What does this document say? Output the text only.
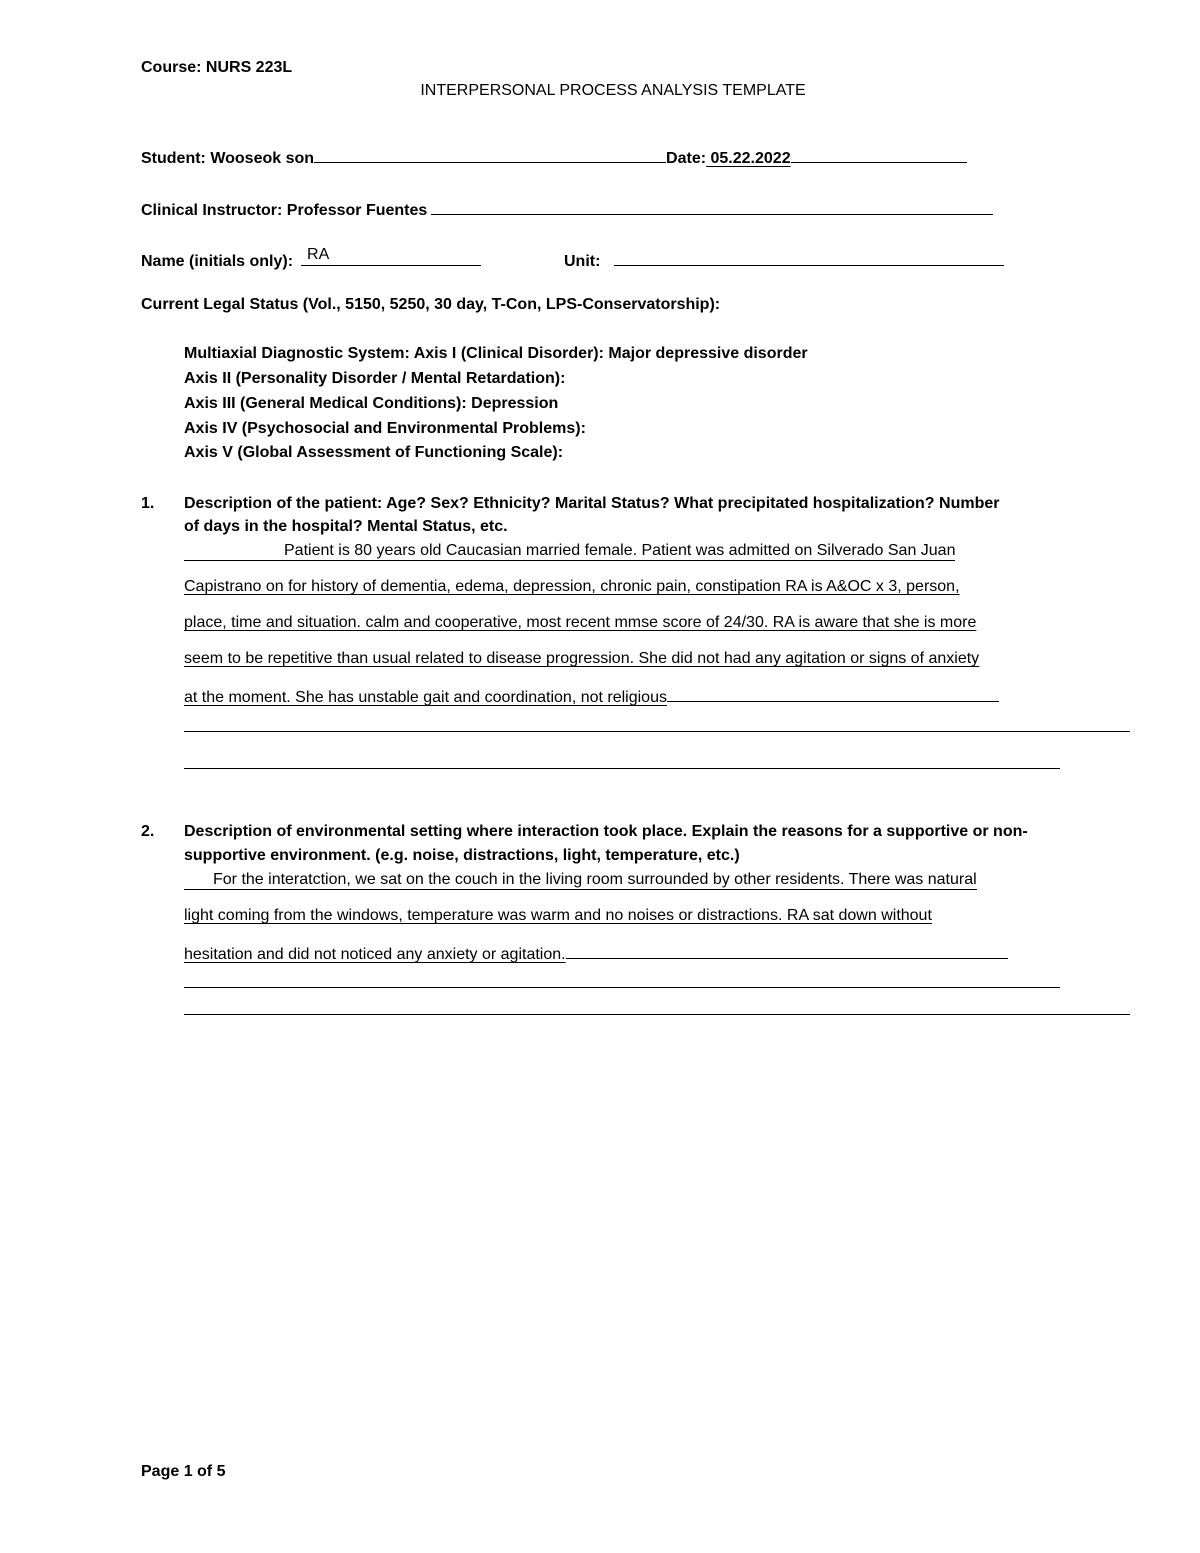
Course: NURS 223L
INTERPERSONAL PROCESS ANALYSIS TEMPLATE
Student: Wooseok son	Date: 05.22.2022
Clinical Instructor: Professor Fuentes
Name (initials only): RA	Unit:
Current Legal Status (Vol., 5150, 5250, 30 day, T-Con, LPS-Conservatorship):
Multiaxial Diagnostic System: Axis I (Clinical Disorder): Major depressive disorder
Axis II (Personality Disorder / Mental Retardation):
Axis III (General Medical Conditions): Depression
Axis IV (Psychosocial and Environmental Problems):
Axis V (Global Assessment of Functioning Scale):
1. Description of the patient: Age? Sex? Ethnicity? Marital Status? What precipitated hospitalization? Number
of days in the hospital? Mental Status, etc.
Patient is 80 years old Caucasian married female. Patient was admitted on Silverado San Juan
Capistrano on for history of dementia, edema, depression, chronic pain, constipation RA is A&OC x 3, person,
place, time and situation. calm and cooperative, most recent mmse score of 24/30. RA is aware that she is more
seem to be repetitive than usual related to disease progression. She did not had any agitation or signs of anxiety
at the moment. She has unstable gait and coordination, not religious
2. Description of environmental setting where interaction took place. Explain the reasons for a supportive or non-
supportive environment. (e.g. noise, distractions, light, temperature, etc.)
For the interatction, we sat on the couch in the living room surrounded by other residents. There was natural
light coming from the windows, temperature was warm and no noises or distractions. RA sat down without
hesitation and did not noticed any anxiety or agitation.
Page 1 of 5
